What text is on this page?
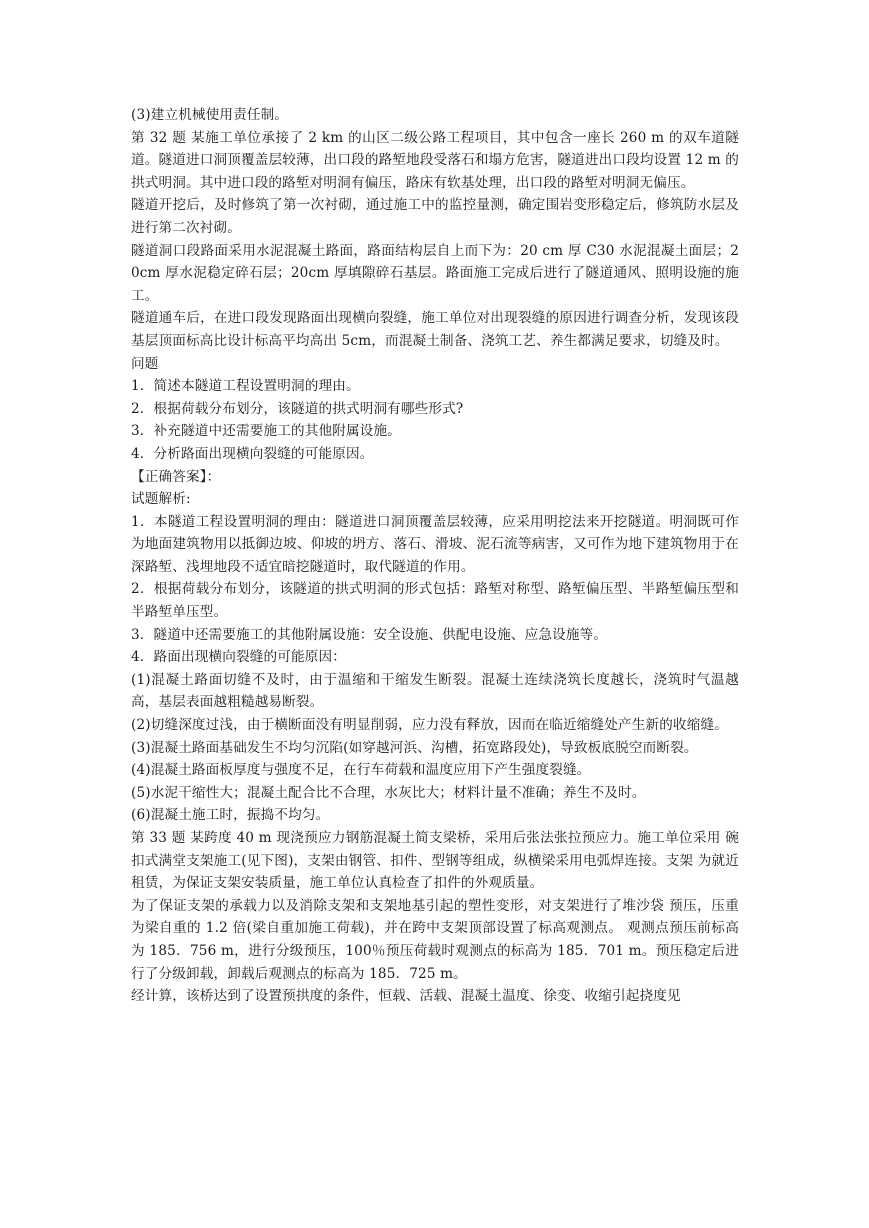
(3)建立机械使用责任制。

第 32 题 某施工单位承接了 2 km 的山区二级公路工程项目，其中包含一座长 260 m 的双车道隧道。隧道进口洞顶覆盖层较薄，出口段的路堑地段受落石和塌方危害，隧道进出口段均设置 12 m 的拱式明洞。其中进口段的路堑对明洞有偏压，路床有软基处理，出口段的路堑对明洞无偏压。

隧道开挖后，及时修筑了第一次衬砌，通过施工中的监控量测，确定围岩变形稳定后，修筑防水层及进行第二次衬砌。

隧道洞口段路面采用水泥混凝土路面，路面结构层自上而下为：20 cm 厚 C30 水泥混凝土面层；20cm 厚水泥稳定碎石层；20cm 厚填隙碎石基层。路面施工完成后进行了隧道通风、照明设施的施工。

隧道通车后，在进口段发现路面出现横向裂缝，施工单位对出现裂缝的原因进行调查分析，发现该段基层顶面标高比设计标高平均高出 5cm，而混凝土制备、浇筑工艺、养生都满足要求，切缝及时。

问题

1．简述本隧道工程设置明洞的理由。

2．根据荷载分布划分，该隧道的拱式明洞有哪些形式?

3．补充隧道中还需要施工的其他附属设施。

4．分析路面出现横向裂缝的可能原因。

【正确答案】：

试题解析:

1．本隧道工程设置明洞的理由：隧道进口洞顶覆盖层较薄，应采用明挖法来开挖隧道。明洞既可作为地面建筑物用以抵御边坡、仰坡的坍方、落石、滑坡、泥石流等病害，又可作为地下建筑物用于在深路堑、浅埋地段不适宜暗挖隧道时，取代隧道的作用。

2．根据荷载分布划分，该隧道的拱式明洞的形式包括：路堑对称型、路堑偏压型、半路堑偏压型和半路堑单压型。

3．隧道中还需要施工的其他附属设施：安全设施、供配电设施、应急设施等。

4．路面出现横向裂缝的可能原因：

(1)混凝土路面切缝不及时，由于温缩和干缩发生断裂。混凝土连续浇筑长度越长，浇筑时气温越高，基层表面越粗糙越易断裂。

(2)切缝深度过浅，由于横断面没有明显削弱，应力没有释放，因而在临近缩缝处产生新的收缩缝。

(3)混凝土路面基础发生不均匀沉陷(如穿越河浜、沟槽，拓宽路段处)，导致板底脱空而断裂。

(4)混凝土路面板厚度与强度不足，在行车荷载和温度应用下产生强度裂缝。

(5)水泥干缩性大；混凝土配合比不合理，水灰比大；材料计量不准确；养生不及时。

(6)混凝土施工时，振捣不均匀。

第 33 题 某跨度 40 m 现浇预应力钢筋混凝土简支梁桥，采用后张法张拉预应力。施工单位采用 碗扣式满堂支架施工(见下图)，支架由钢管、扣件、型钢等组成，纵横梁采用电弧焊连接。支架 为就近租赁，为保证支架安装质量，施工单位认真检查了扣件的外观质量。

为了保证支架的承载力以及消除支架和支架地基引起的塑性变形，对支架进行了堆沙袋 预压，压重为梁自重的 1.2 倍(梁自重加施工荷载)，并在跨中支架顶部设置了标高观测点。 观测点预压前标高为 185．756 m，进行分级预压，100％预压荷载时观测点的标高为 185．701 m。预压稳定后进行了分级卸载，卸载后观测点的标高为 185．725 m。

经计算，该桥达到了设置预拱度的条件，恒载、活载、混凝土温度、徐变、收缩引起挠度见
